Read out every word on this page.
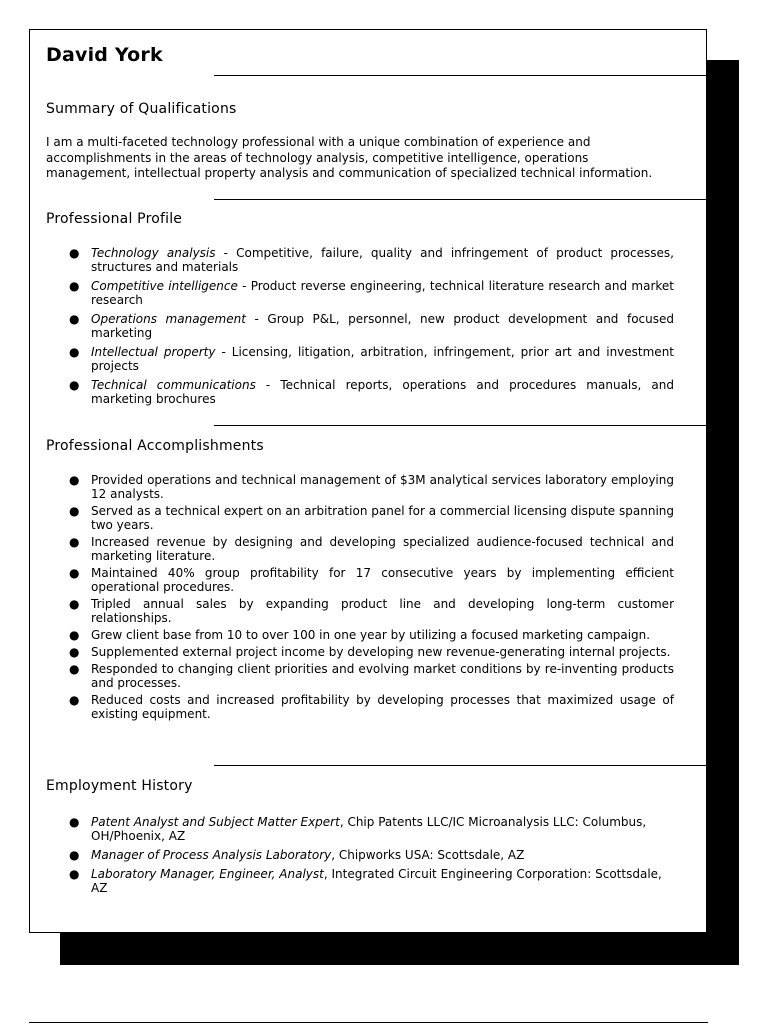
David York
Summary of Qualifications
I am a multi-faceted technology professional with a unique combination of experience and accomplishments in the areas of technology analysis, competitive intelligence, operations management, intellectual property analysis and communication of specialized technical information.
Professional Profile
● Technology analysis - Competitive, failure, quality and infringement of product processes, structures and materials
● Competitive intelligence - Product reverse engineering, technical literature research and market research
● Operations management - Group P&L, personnel, new product development and focused marketing
● Intellectual property - Licensing, litigation, arbitration, infringement, prior art and investment projects
● Technical communications - Technical reports, operations and procedures manuals, and marketing brochures
Professional Accomplishments
● Provided operations and technical management of $3M analytical services laboratory employing 12 analysts.
● Served as a technical expert on an arbitration panel for a commercial licensing dispute spanning two years.
● Increased revenue by designing and developing specialized audience-focused technical and marketing literature.
● Maintained 40% group profitability for 17 consecutive years by implementing efficient operational procedures.
● Tripled annual sales by expanding product line and developing long-term customer relationships.
● Grew client base from 10 to over 100 in one year by utilizing a focused marketing campaign.
● Supplemented external project income by developing new revenue-generating internal projects.
● Responded to changing client priorities and evolving market conditions by re-inventing products and processes.
● Reduced costs and increased profitability by developing processes that maximized usage of existing equipment.
Employment History
● Patent Analyst and Subject Matter Expert, Chip Patents LLC/IC Microanalysis LLC: Columbus, OH/Phoenix, AZ
● Manager of Process Analysis Laboratory, Chipworks USA: Scottsdale, AZ
● Laboratory Manager, Engineer, Analyst, Integrated Circuit Engineering Corporation: Scottsdale, AZ
